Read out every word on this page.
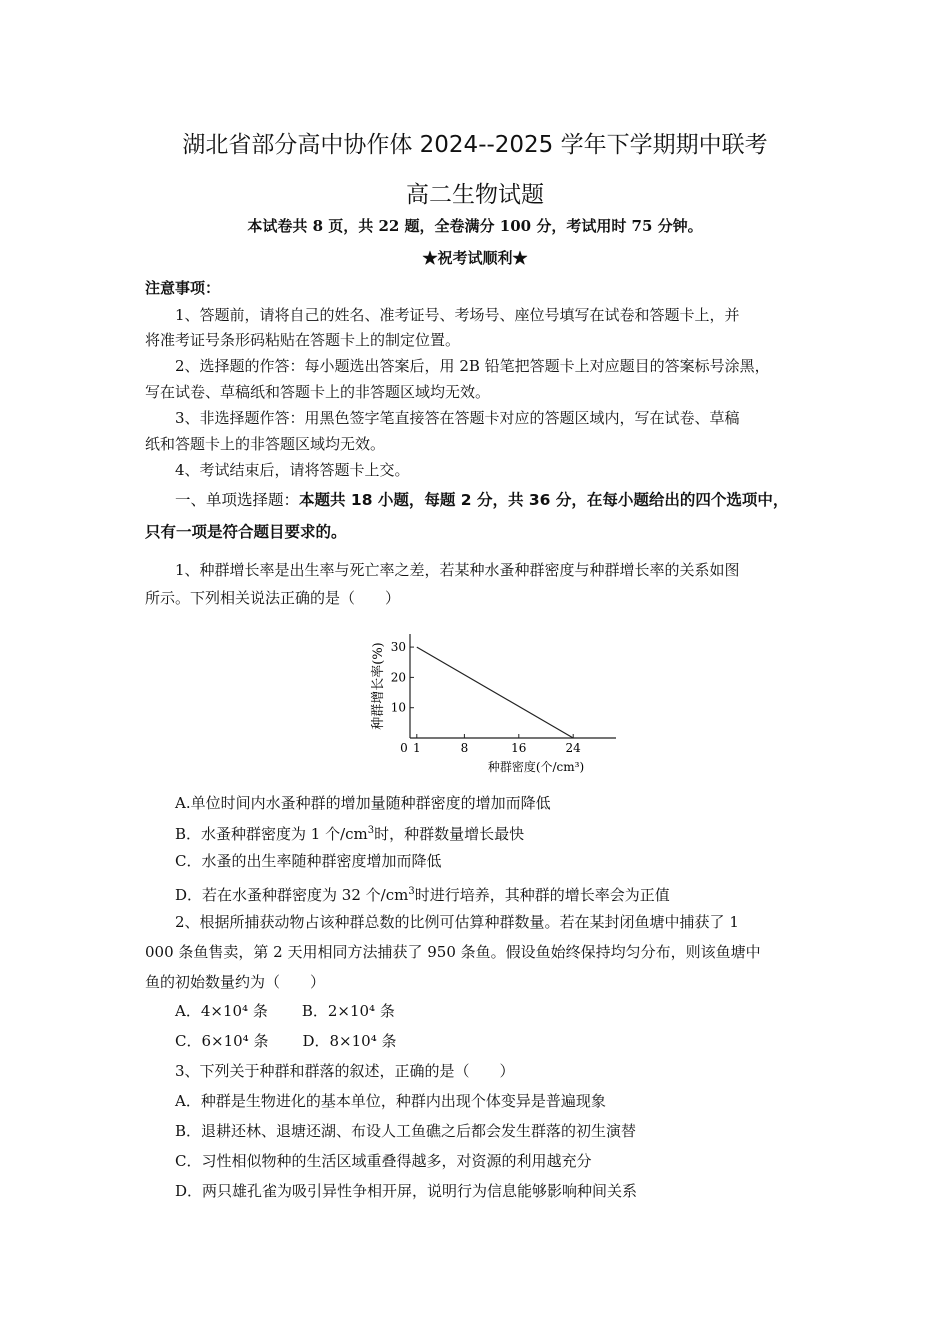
湖北省部分高中协作体 2024--2025 学年下学期期中联考
高二生物试题
本试卷共 8 页，共 22 题，全卷满分 100 分，考试用时 75 分钟。
★祝考试顺利★
注意事项：
1、答题前，请将自己的姓名、准考证号、考场号、座位号填写在试卷和答题卡上，并
将准考证号条形码粘贴在答题卡上的制定位置。
2、选择题的作答：每小题选出答案后，用 2B 铅笔把答题卡上对应题目的答案标号涂黑，
写在试卷、草稿纸和答题卡上的非答题区域均无效。
3、非选择题作答：用黑色签字笔直接答在答题卡对应的答题区域内，写在试卷、草稿
纸和答题卡上的非答题区域均无效。
4、考试结束后，请将答题卡上交。
一、单项选择题：本题共 18 小题，每题 2 分，共 36 分，在每小题给出的四个选项中，
只有一项是符合题目要求的。
1、种群增长率是出生率与死亡率之差，若某种水蚤种群密度与种群增长率的关系如图
所示。下列相关说法正确的是（　　）
10
20
30
0 1	8	16	24
种群增长率(%)
种群密度(个/cm³)
A.单位时间内水蚤种群的增加量随种群密度的增加而降低
B．水蚤种群密度为 1 个$/cm^3$时，种群数量增长最快
C．水蚤的出生率随种群密度增加而降低
D．若在水蚤种群密度为 32 个$/cm^3$时进行培养，其种群的增长率会为正值
2、根据所捕获动物占该种群总数的比例可估算种群数量。若在某封闭鱼塘中捕获了 1
000 条鱼售卖，第 2 天用相同方法捕获了 950 条鱼。假设鱼始终保持均匀分布，则该鱼塘中
鱼的初始数量约为（　　）
A．4×10⁴ 条 B．2×10⁴ 条
C．6×10⁴ 条 D．8×10⁴ 条
3、下列关于种群和群落的叙述，正确的是（　　）
A．种群是生物进化的基本单位，种群内出现个体变异是普遍现象
B．退耕还林、退塘还湖、布设人工鱼礁之后都会发生群落的初生演替
C．习性相似物种的生活区域重叠得越多，对资源的利用越充分
D．两只雄孔雀为吸引异性争相开屏，说明行为信息能够影响种间关系
